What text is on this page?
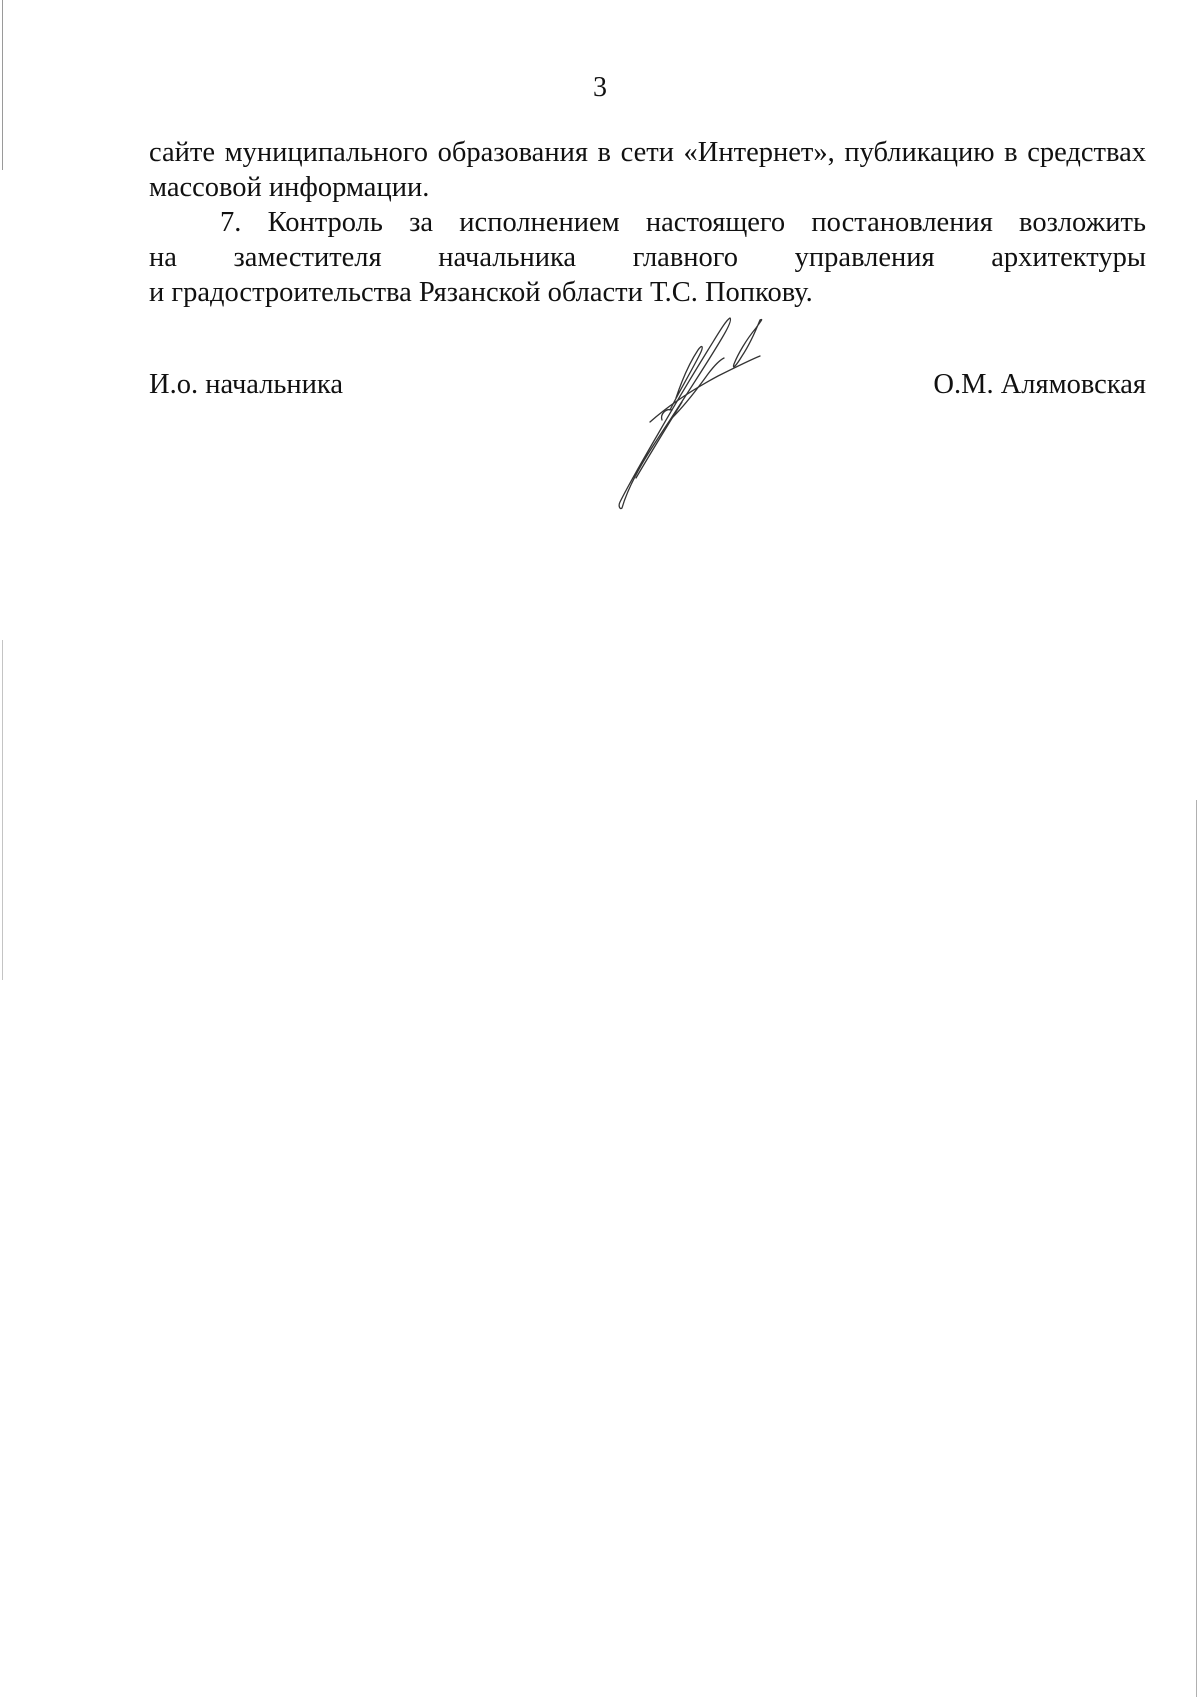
3
сайте муниципального образования в сети «Интернет», публикацию в средствах
массовой информации.
7. Контроль за исполнением настоящего постановления возложить
на заместителя начальника главного управления архитектуры
и градостроительства Рязанской области Т.С. Попкову.
И.о. начальника	О.М. Алямовская
